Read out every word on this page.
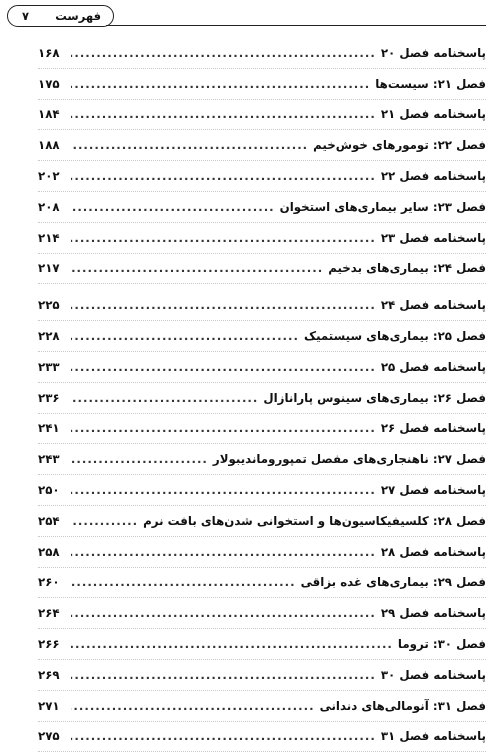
۷ فهرست
پاسخنامه فصل ۲۰
.....
۱۶۸
فصل ۲۱: سیست‌ها
.....
۱۷۵
پاسخنامه فصل ۲۱
.....
۱۸۴
فصل ۲۲: تومورهای خوش‌خیم
.....
۱۸۸
پاسخنامه فصل ۲۲
.....
۲۰۲
فصل ۲۳: سایر بیماری‌های استخوان
.....
۲۰۸
پاسخنامه فصل ۲۳
.....
۲۱۴
فصل ۲۴: بیماری‌های بدخیم
.....
۲۱۷
پاسخنامه فصل ۲۴
.....
۲۲۵
فصل ۲۵: بیماری‌های سیستمیک
.....
۲۲۸
پاسخنامه فصل ۲۵
.....
۲۳۳
فصل ۲۶: بیماری‌های سینوس پارانازال
.....
۲۳۶
پاسخنامه فصل ۲۶
.....
۲۴۱
فصل ۲۷: ناهنجاری‌های مفصل تمپوروماندیبولار
.....
۲۴۳
پاسخنامه فصل ۲۷
.....
۲۵۰
فصل ۲۸: کلسیفیکاسیون‌ها و استخوانی شدن‌های بافت نرم
.....
۲۵۴
پاسخنامه فصل ۲۸
.....
۲۵۸
فصل ۲۹: بیماری‌های غده بزاقی
.....
۲۶۰
پاسخنامه فصل ۲۹
.....
۲۶۴
فصل ۳۰: تروما
.....
۲۶۶
پاسخنامه فصل ۳۰
.....
۲۶۹
فصل ۳۱: آنومالی‌های دندانی
.....
۲۷۱
پاسخنامه فصل ۳۱
.....
۲۷۵
